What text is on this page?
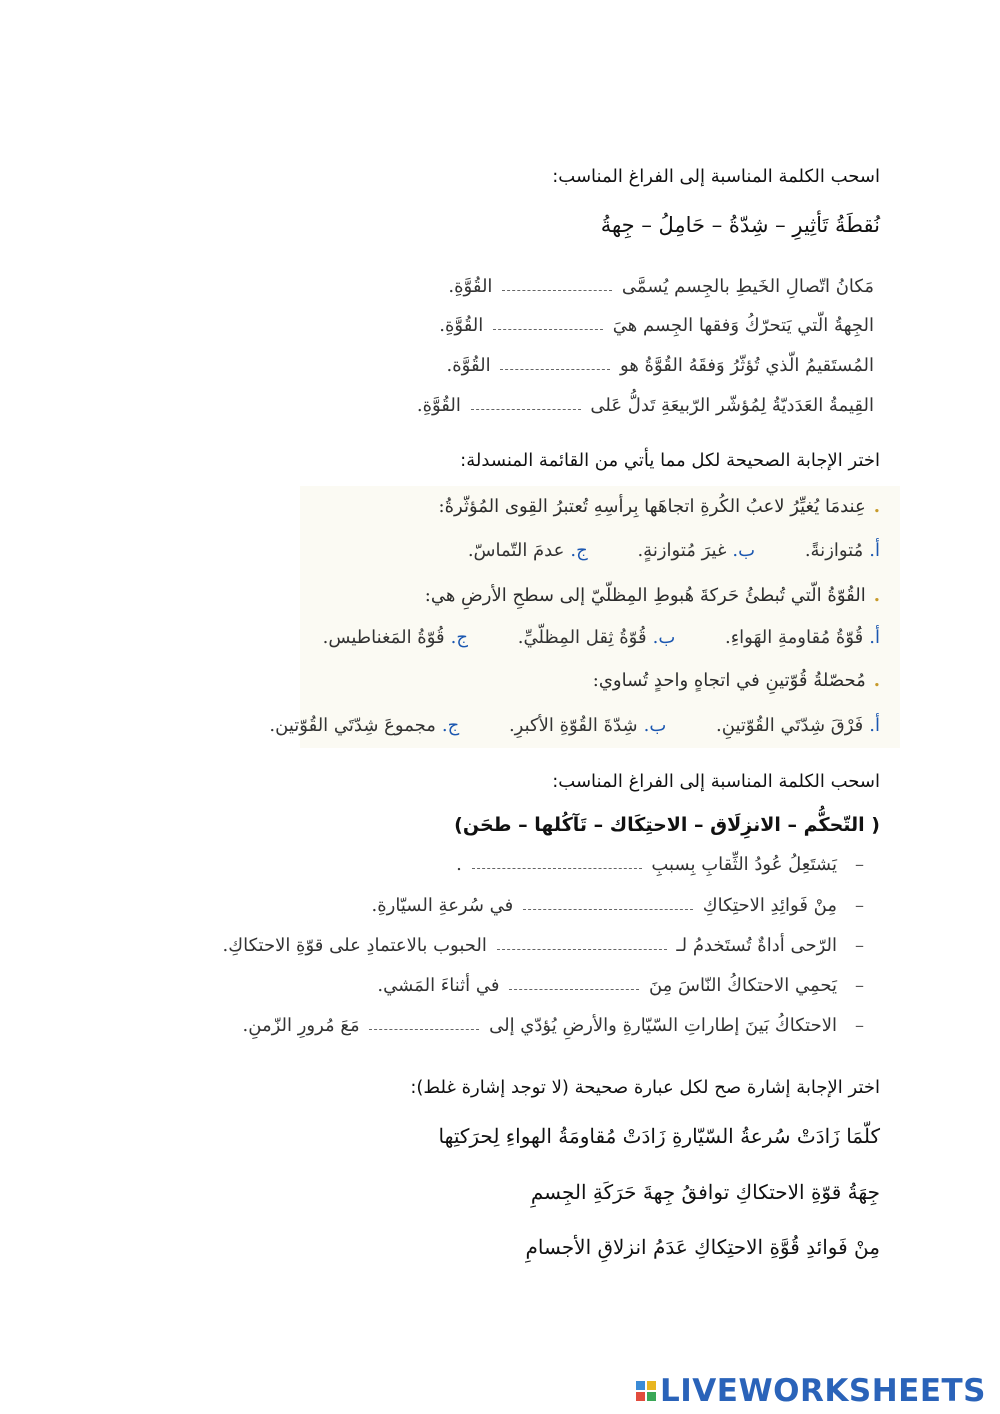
اسحب الكلمة المناسبة إلى الفراغ المناسب:
نُقطَةُ تَأثِيرِ – شِدّةُ – حَامِلُ – جِهةُ
مَكانُ اتّصالِ الخَيطِ بالجِسم يُسمَّى  القُوَّةِ.
الجِهةُ الّتي يَتحرّكُ وَفقها الجِسم هيَ  القُوَّةِ.
المُستَقيمُ الّذي تُؤثّرُ وَفقَهُ القُوَّةُ هو  القُوَّة.
القِيمةُ العَدَديّةُ لِمُؤشّر الرّبيعَةِ تَدلُّ عَلى  القُوَّةِ.
اختر الإجابة الصحيحة لكل مما يأتي من القائمة المنسدلة:
.عِندمَا يُغيِّرُ لاعبُ الكُرةِ اتجاهَها بِرأسِهِ تُعتبرُ القِوى المُؤثّرةُ:
أ.مُتوازنةً. ب.غيرَ مُتوازنةٍ. ج.عدمَ التّماسّ.
.القُوّةُ الّتي تُبطئُ حَركةَ هُبوطِ المِظلّيّ إلى سطحِ الأرضِ هي:
أ.قُوّةُ مُقاومةِ الهَواءِ. ب.قُوّةُ ثِقل المِظلّيِّ. ج.قُوّةُ المَغناطيس.
.مُحصّلةُ قُوّتينِ في اتجاهٍ واحدٍ تُساوي:
أ.فَرْقَ شِدّتَي القُوّتينِ. ب.شِدّةَ القُوّةِ الأكبرِ. ج.مجموعَ شِدّتَي القُوّتين.
اسحب الكلمة المناسبة إلى الفراغ المناسب:
( التّحكُّم – الانزِلَاق – الاحتِكَاك – تَآكُلها – طحَن)
–يَشتَعِلُ عُودُ الثِّقابِ بِسببِ  .
–مِنْ فَوائِدِ الاحتِكاكِ  في سُرعةِ السيّارةِ.
–الرّحى أداةٌ تُستَخدمُ لـ  الحبوب بالاعتمادِ على قوّةِ الاحتكاكِ.
–يَحمِي الاحتكاكُ النّاسَ مِنَ  في أثناءَ المَشي.
–الاحتكاكُ بَينَ إطاراتِ السّيّارةِ والأرضِ يُؤدّي إلى  مَعَ مُرورِ الزّمنِ.
اختر الإجابة إشارة صح لكل عبارة صحيحة (لا توجد إشارة غلط):
كلّمَا زَادَتْ سُرعةُ السّيّارةِ زَادَتْ مُقاومَةُ الهواءِ لِحرَكتِها
جِهَةُ قوّةِ الاحتكاكِ توافقُ جِهةَ حَرَكَةِ الجِسمِ
مِنْ فَوائدِ قُوَّةِ الاحتِكاكِ عَدَمُ انزلاقِ الأجسامِ
LIVEWORKSHEETS
